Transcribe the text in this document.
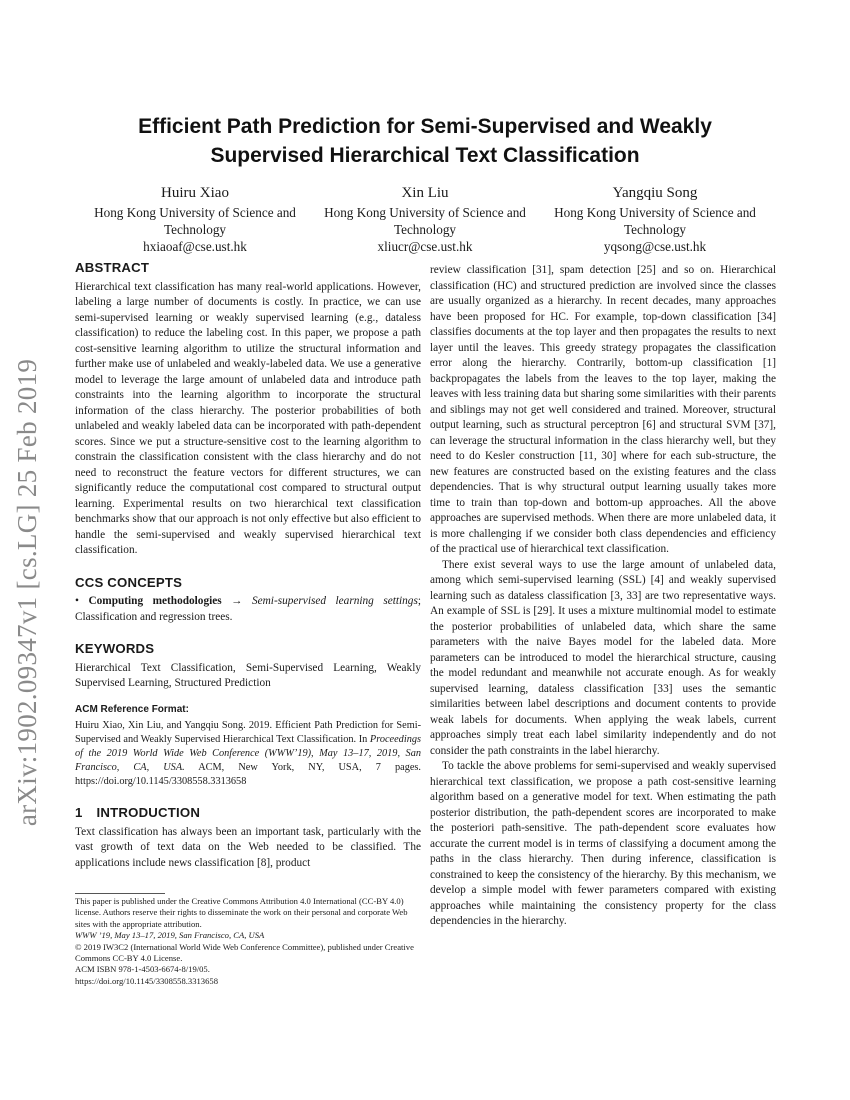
arXiv:1902.09347v1 [cs.LG] 25 Feb 2019
Efficient Path Prediction for Semi-Supervised and Weakly Supervised Hierarchical Text Classification
Huiru Xiao
Hong Kong University of Science and Technology
hxiaoaf@cse.ust.hk
Xin Liu
Hong Kong University of Science and Technology
xliucr@cse.ust.hk
Yangqiu Song
Hong Kong University of Science and Technology
yqsong@cse.ust.hk
ABSTRACT

Hierarchical text classification has many real-world applications. However, labeling a large number of documents is costly. In practice, we can use semi-supervised learning or weakly supervised learning (e.g., dataless classification) to reduce the labeling cost. In this paper, we propose a path cost-sensitive learning algorithm to utilize the structural information and further make use of unlabeled and weakly-labeled data. We use a generative model to leverage the large amount of unlabeled data and introduce path constraints into the learning algorithm to incorporate the structural information of the class hierarchy. The posterior probabilities of both unlabeled and weakly labeled data can be incorporated with path-dependent scores. Since we put a structure-sensitive cost to the learning algorithm to constrain the classification consistent with the class hierarchy and do not need to reconstruct the feature vectors for different structures, we can significantly reduce the computational cost compared to structural output learning. Experimental results on two hierarchical text classification benchmarks show that our approach is not only effective but also efficient to handle the semi-supervised and weakly supervised hierarchical text classification.

CCS CONCEPTS

• Computing methodologies → Semi-supervised learning settings; Classification and regression trees.

KEYWORDS

Hierarchical Text Classification, Semi-Supervised Learning, Weakly Supervised Learning, Structured Prediction

ACM Reference Format:

Huiru Xiao, Xin Liu, and Yangqiu Song. 2019. Efficient Path Prediction for Semi-Supervised and Weakly Supervised Hierarchical Text Classification. In Proceedings of the 2019 World Wide Web Conference (WWW’19), May 13–17, 2019, San Francisco, CA, USA. ACM, New York, NY, USA, 7 pages. https://doi.org/10.1145/3308558.3313658

1 INTRODUCTION

Text classification has always been an important task, particularly with the vast growth of text data on the Web needed to be classified. The applications include news classification [8], product

This paper is published under the Creative Commons Attribution 4.0 International (CC-BY 4.0) license. Authors reserve their rights to disseminate the work on their personal and corporate Web sites with the appropriate attribution.
WWW ’19, May 13–17, 2019, San Francisco, CA, USA
© 2019 IW3C2 (International World Wide Web Conference Committee), published under Creative Commons CC-BY 4.0 License.
ACM ISBN 978-1-4503-6674-8/19/05.
https://doi.org/10.1145/3308558.3313658

review classification [31], spam detection [25] and so on. Hierarchical classification (HC) and structured prediction are involved since the classes are usually organized as a hierarchy. In recent decades, many approaches have been proposed for HC. For example, top-down classification [34] classifies documents at the top layer and then propagates the results to next layer until the leaves. This greedy strategy propagates the classification error along the hierarchy. Contrarily, bottom-up classification [1] backpropagates the labels from the leaves to the top layer, making the leaves with less training data but sharing some similarities with their parents and siblings may not get well considered and trained. Moreover, structural output learning, such as structural perceptron [6] and structural SVM [37], can leverage the structural information in the class hierarchy well, but they need to do Kesler construction [11, 30] where for each sub-structure, the new features are constructed based on the existing features and the class dependencies. That is why structural output learning usually takes more time to train than top-down and bottom-up approaches. All the above approaches are supervised methods. When there are more unlabeled data, it is more challenging if we consider both class dependencies and efficiency of the practical use of hierarchical text classification.

There exist several ways to use the large amount of unlabeled data, among which semi-supervised learning (SSL) [4] and weakly supervised learning such as dataless classification [3, 33] are two representative ways. An example of SSL is [29]. It uses a mixture multinomial model to estimate the posterior probabilities of unlabeled data, which share the same parameters with the naive Bayes model for the labeled data. More parameters can be introduced to model the hierarchical structure, causing the model redundant and meanwhile not accurate enough. As for weakly supervised learning, dataless classification [33] uses the semantic similarities between label descriptions and document contents to provide weak labels for documents. When applying the weak labels, current approaches simply treat each label similarity independently and do not consider the path constraints in the label hierarchy.

To tackle the above problems for semi-supervised and weakly supervised hierarchical text classification, we propose a path cost-sensitive learning algorithm based on a generative model for text. When estimating the path posterior distribution, the path-dependent scores are incorporated to make the posteriori path-sensitive. The path-dependent score evaluates how accurate the current model is in terms of classifying a document among the paths in the class hierarchy. Then during inference, classification is constrained to keep the consistency of the hierarchy. By this mechanism, we develop a simple model with fewer parameters compared with existing approaches while maintaining the consistency property for the class dependencies in the hierarchy.
